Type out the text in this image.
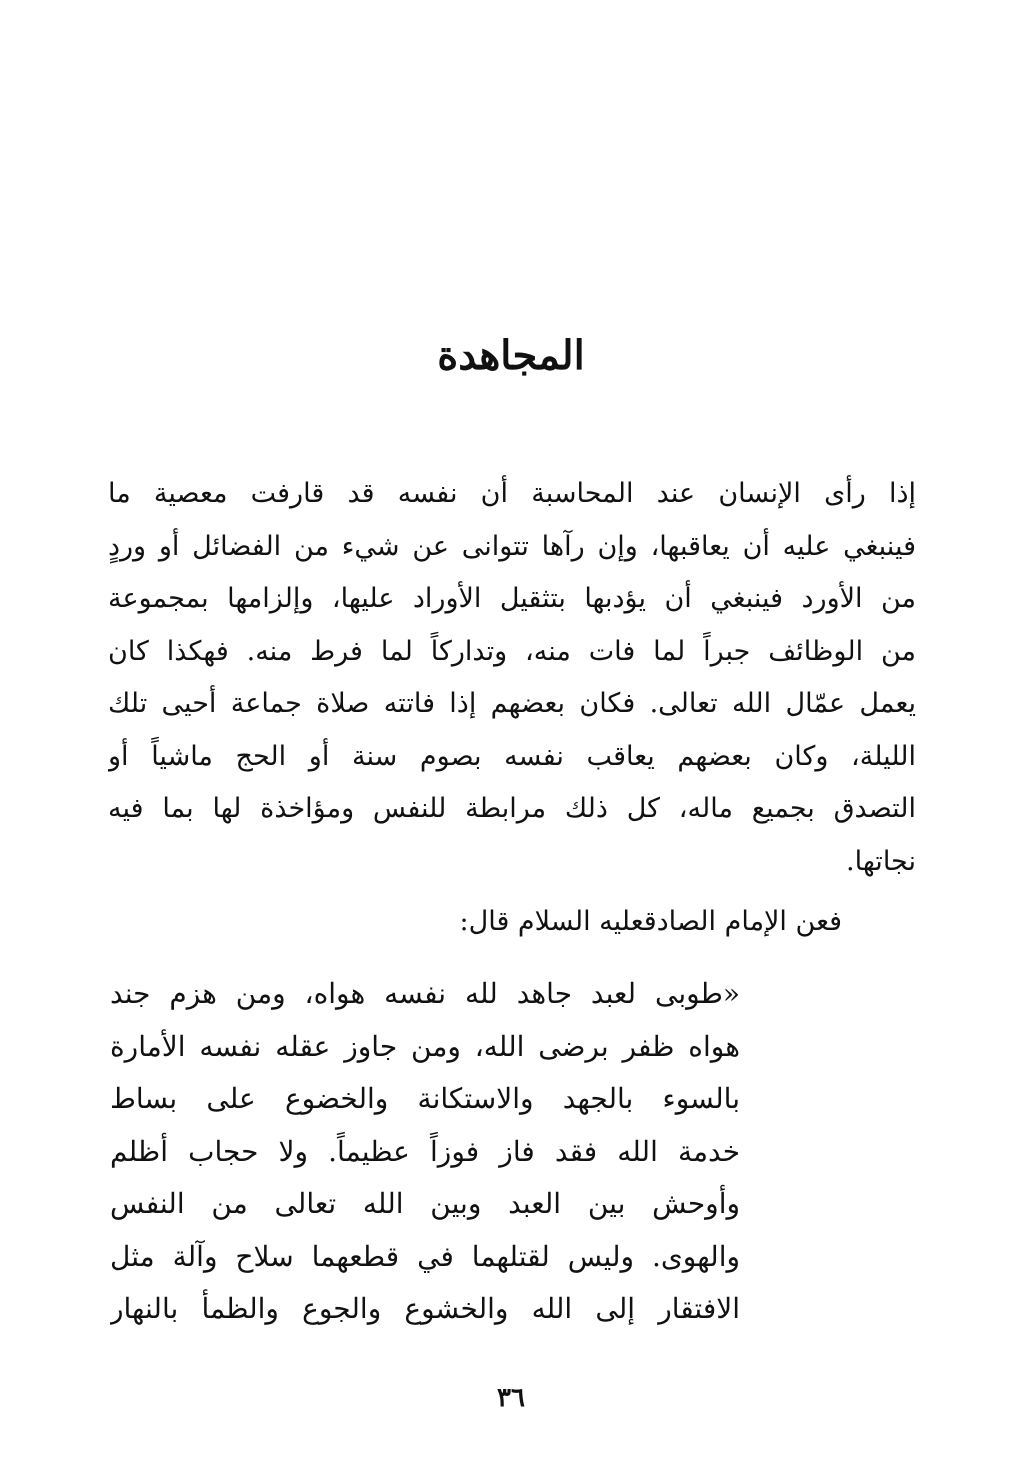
المجاهدة
إذا رأى الإنسان عند المحاسبة أن نفسه قد قارفت معصية ما
فينبغي عليه أن يعاقبها، وإن رآها تتوانى عن شيء من الفضائل أو وردٍ
من الأورد فينبغي أن يؤدبها بتثقيل الأوراد عليها، وإلزامها بمجموعة
من الوظائف جبراً لما فات منه، وتداركاً لما فرط منه. فهكذا كان
يعمل عمّال الله تعالى. فكان بعضهم إذا فاتته صلاة جماعة أحيى تلك
الليلة، وكان بعضهم يعاقب نفسه بصوم سنة أو الحج ماشياً أو
التصدق بجميع ماله، كل ذلك مرابطة للنفس ومؤاخذة لها بما فيه
نجاتها.
فعن الإمام الصادقعليه السلام قال:
«طوبى لعبد جاهد لله نفسه هواه، ومن هزم جند
هواه ظفر برضى الله، ومن جاوز عقله نفسه الأمارة
بالسوء بالجهد والاستكانة والخضوع على بساط
خدمة الله فقد فاز فوزاً عظيماً. ولا حجاب أظلم
وأوحش بين العبد وبين الله تعالى من النفس
والهوى. وليس لقتلهما في قطعهما سلاح وآلة مثل
الافتقار إلى الله والخشوع والجوع والظمأ بالنهار
٣٦
